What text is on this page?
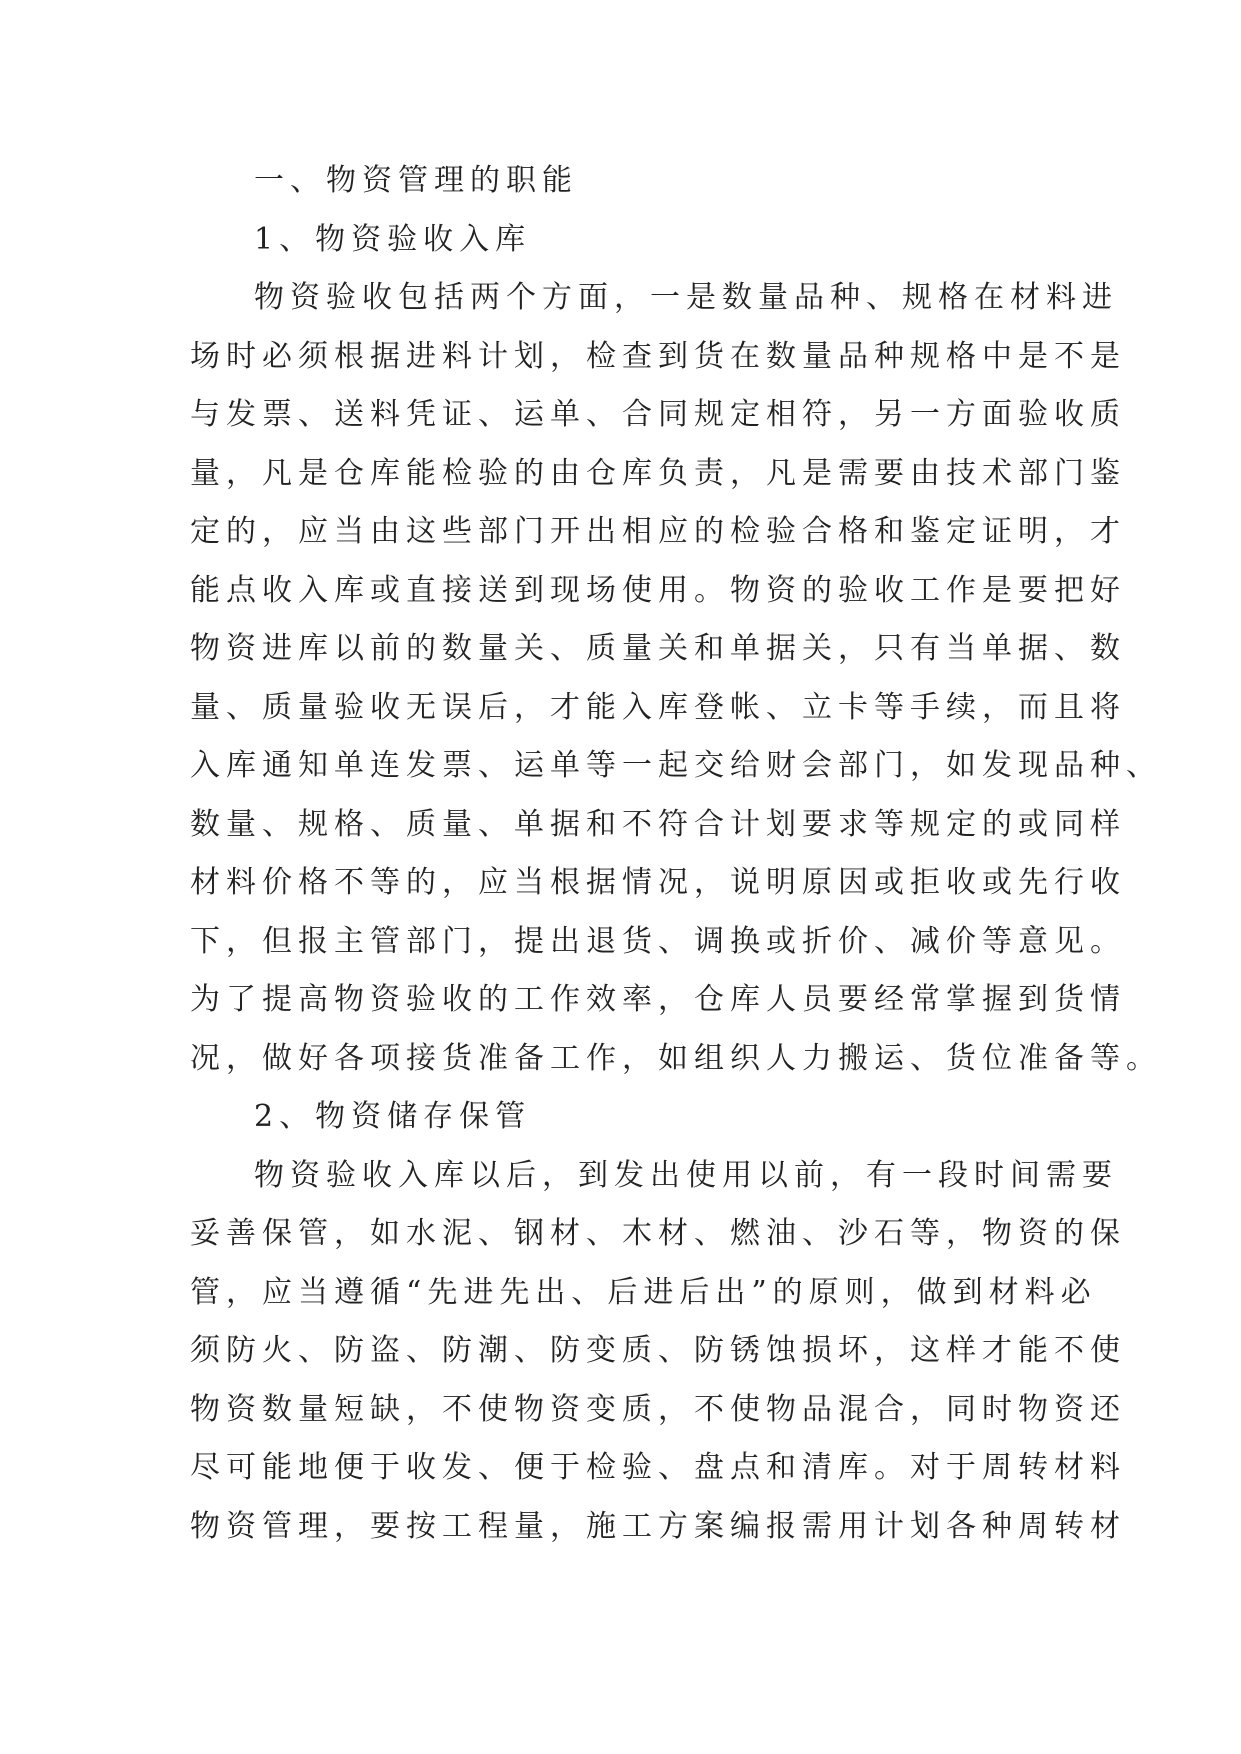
一、物资管理的职能

1、物资验收入库

物资验收包括两个方面，一是数量品种、规格在材料进
场时必须根据进料计划，检查到货在数量品种规格中是不是
与发票、送料凭证、运单、合同规定相符，另一方面验收质
量，凡是仓库能检验的由仓库负责，凡是需要由技术部门鉴
定的，应当由这些部门开出相应的检验合格和鉴定证明，才
能点收入库或直接送到现场使用。物资的验收工作是要把好
物资进库以前的数量关、质量关和单据关，只有当单据、数
量、质量验收无误后，才能入库登帐、立卡等手续，而且将
入库通知单连发票、运单等一起交给财会部门，如发现品种、
数量、规格、质量、单据和不符合计划要求等规定的或同样
材料价格不等的，应当根据情况，说明原因或拒收或先行收
下，但报主管部门，提出退货、调换或折价、减价等意见。
为了提高物资验收的工作效率，仓库人员要经常掌握到货情
况，做好各项接货准备工作，如组织人力搬运、货位准备等。

2、物资储存保管

物资验收入库以后，到发出使用以前，有一段时间需要
妥善保管，如水泥、钢材、木材、燃油、沙石等，物资的保
管，应当遵循“先进先出、后进后出”的原则，做到材料必
须防火、防盗、防潮、防变质、防锈蚀损坏，这样才能不使
物资数量短缺，不使物资变质，不使物品混合，同时物资还
尽可能地便于收发、便于检验、盘点和清库。对于周转材料
物资管理，要按工程量，施工方案编报需用计划各种周转材
